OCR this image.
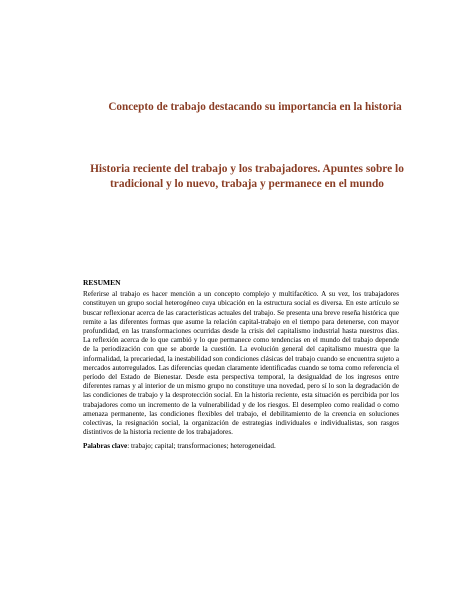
Concepto de trabajo destacando su importancia en la historia
Historia reciente del trabajo y los trabajadores. Apuntes sobre lo tradicional y lo nuevo, trabaja y permanece en el mundo

RESUMEN

Referirse al trabajo es hacer mención a un concepto complejo y multifacético. A su vez, los trabajadores constituyen un grupo social heterogéneo cuya ubicación en la estructura social es diversa. En este artículo se buscar reflexionar acerca de las características actuales del trabajo. Se presenta una breve reseña histórica que remite a las diferentes formas que asume la relación capital-trabajo en el tiempo para detenerse, con mayor profundidad, en las transformaciones ocurridas desde la crisis del capitalismo industrial hasta nuestros días. La reflexión acerca de lo que cambió y lo que permanece como tendencias en el mundo del trabajo depende de la periodización con que se aborde la cuestión. La evolución general del capitalismo muestra que la informalidad, la precariedad, la inestabilidad son condiciones clásicas del trabajo cuando se encuentra sujeto a mercados autorregulados. Las diferencias quedan claramente identificadas cuando se toma como referencia el período del Estado de Bienestar. Desde esta perspectiva temporal, la desigualdad de los ingresos entre diferentes ramas y al interior de un mismo grupo no constituye una novedad, pero sí lo son la degradación de las condiciones de trabajo y la desprotección social. En la historia reciente, esta situación es percibida por los trabajadores como un incremento de la vulnerabilidad y de los riesgos. El desempleo como realidad o como amenaza permanente, las condiciones flexibles del trabajo, el debilitamiento de la creencia en soluciones colectivas, la resignación social, la organización de estrategias individuales e individualistas, son rasgos distintivos de la historia reciente de los trabajadores.

Palabras clave: trabajo; capital; transformaciones; heterogeneidad.
